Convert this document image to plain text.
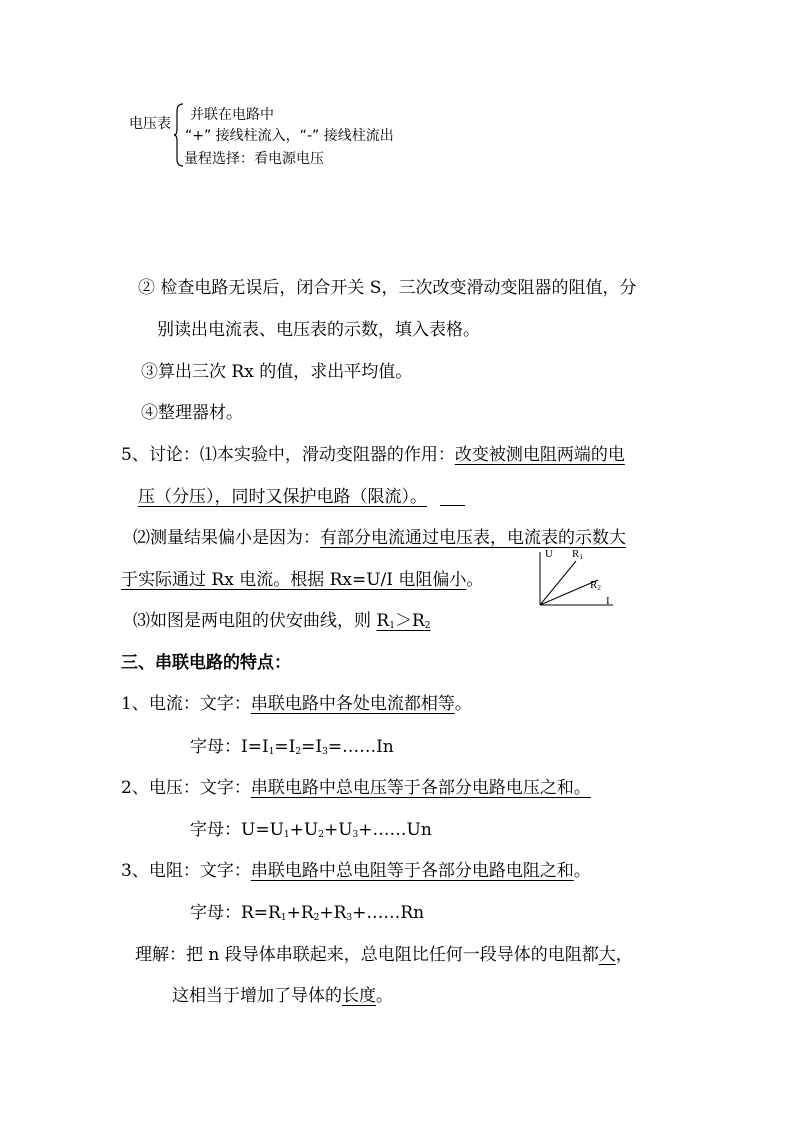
电压表
并联在电路中
“+” 接线柱流入，“-” 接线柱流出
量程选择：看电源电压
② 检查电路无误后，闭合开关 S，三次改变滑动变阻器的阻值，分
别读出电流表、电压表的示数，填入表格。
③算出三次 Rx 的值，求出平均值。
④整理器材。
5、讨论：⑴本实验中，滑动变阻器的作用：改变被测电阻两端的电
压（分压），同时又保护电路（限流）。
⑵测量结果偏小是因为：有部分电流通过电压表，电流表的示数大
于实际通过 Rx 电流。根据 Rx=U/I 电阻偏小。
⑶如图是两电阻的伏安曲线，则 $R_1>R_2$
U R1
R2
I
三、串联电路的特点：
1、电流：文字：串联电路中各处电流都相等。
字母：$I=I_1=I_2=I_3=\dots\dots In$
2、电压：文字：串联电路中总电压等于各部分电路电压之和。
字母：$U=U_1+U_2+U_3+\dots\dots Un$
3、电阻：文字：串联电路中总电阻等于各部分电路电阻之和。
字母：$R=R_1+R_2+R_3+\dots\dots Rn$
理解：把 n 段导体串联起来，总电阻比任何一段导体的电阻都大，
这相当于增加了导体的长度。
